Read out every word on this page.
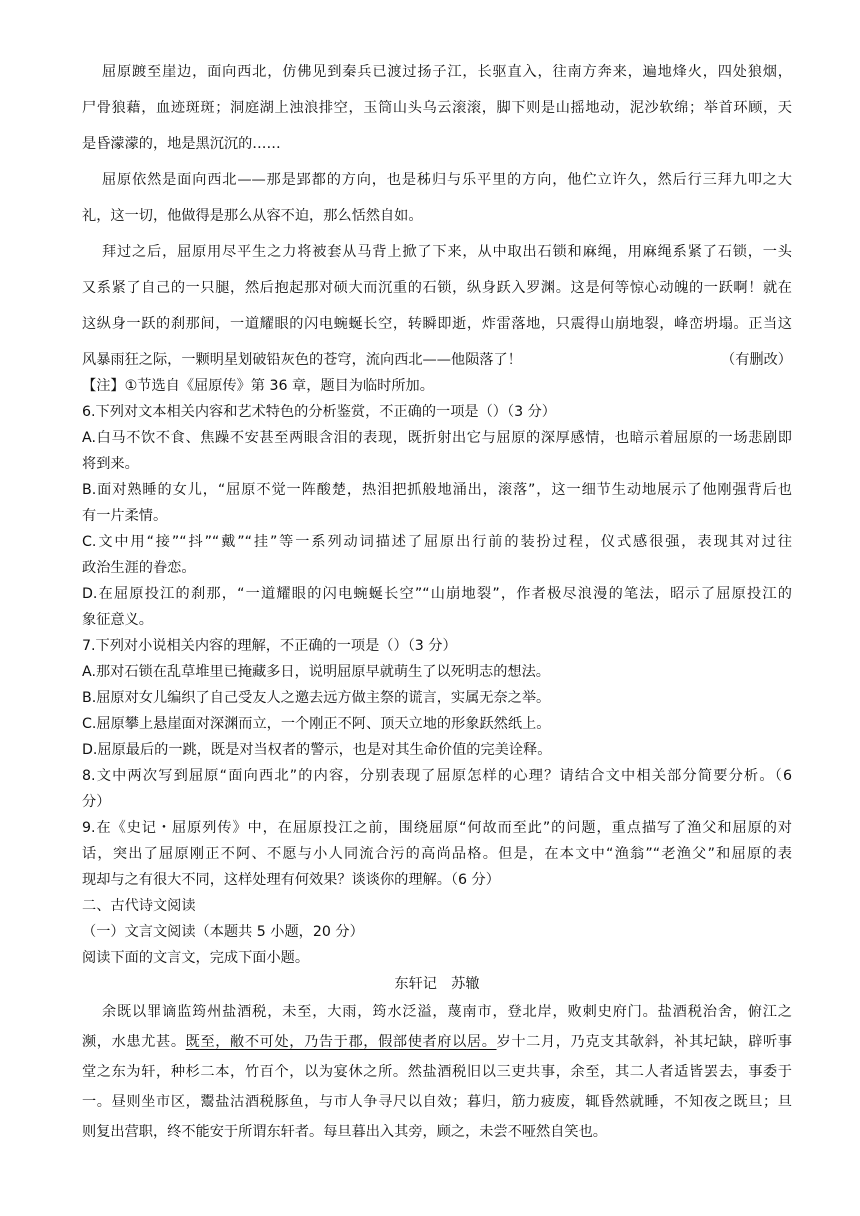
屈原踱至崖边，面向西北，仿佛见到秦兵已渡过扬子江，长驱直入，往南方奔来，遍地烽火，四处狼烟，
尸骨狼藉，血迹斑斑；洞庭湖上浊浪排空，玉筒山头乌云滚滚，脚下则是山摇地动，泥沙软绵；举首环顾，天
是昏濛濛的，地是黑沉沉的……
屈原依然是面向西北——那是郢都的方向，也是秭归与乐平里的方向，他伫立许久，然后行三拜九叩之大
礼，这一切，他做得是那么从容不迫，那么恬然自如。
拜过之后，屈原用尽平生之力将被套从马背上掀了下来，从中取出石锁和麻绳，用麻绳系紧了石锁，一头
又系紧了自己的一只腿，然后抱起那对硕大而沉重的石锁，纵身跃入罗渊。这是何等惊心动魄的一跃啊！就在
这纵身一跃的刹那间，一道耀眼的闪电蜿蜒长空，转瞬即逝，炸雷落地，只震得山崩地裂，峰峦坍塌。正当这
风暴雨狂之际，一颗明星划破铅灰色的苍穹，流向西北——他陨落了！	（有删改）
【注】①节选自《屈原传》第 36 章，题目为临时所加。
6.下列对文本相关内容和艺术特色的分析鉴赏，不正确的一项是（）（3 分）
A.白马不饮不食、焦躁不安甚至两眼含泪的表现，既折射出它与屈原的深厚感情，也暗示着屈原的一场悲剧即
将到来。
B.面对熟睡的女儿，“屈原不觉一阵酸楚，热泪把抓般地涌出，滚落”，这一细节生动地展示了他刚强背后也
有一片柔情。
C.文中用“接”“抖”“戴”“挂”等一系列动词描述了屈原出行前的装扮过程，仪式感很强，表现其对过往
政治生涯的眷恋。
D.在屈原投江的刹那，“一道耀眼的闪电蜿蜒长空”“山崩地裂”，作者极尽浪漫的笔法，昭示了屈原投江的
象征意义。
7.下列对小说相关内容的理解，不正确的一项是（）（3 分）
A.那对石锁在乱草堆里已掩藏多日，说明屈原早就萌生了以死明志的想法。
B.屈原对女儿编织了自己受友人之邀去远方做主祭的谎言，实属无奈之举。
C.屈原攀上悬崖面对深渊而立，一个刚正不阿、顶天立地的形象跃然纸上。
D.屈原最后的一跳，既是对当权者的警示，也是对其生命价值的完美诠释。
8.文中两次写到屈原“面向西北”的内容，分别表现了屈原怎样的心理？请结合文中相关部分简要分析。（6
分）
9.在《史记・屈原列传》中，在屈原投江之前，围绕屈原“何故而至此”的问题，重点描写了渔父和屈原的对
话，突出了屈原刚正不阿、不愿与小人同流合污的高尚品格。但是，在本文中“渔翁”“老渔父”和屈原的表
现却与之有很大不同，这样处理有何效果？谈谈你的理解。（6 分）
二、古代诗文阅读
（一）文言文阅读（本题共 5 小题，20 分）
阅读下面的文言文，完成下面小题。
东轩记　苏辙
余既以罪谪监筠州盐酒税，未至，大雨，筠水泛溢，蔑南市，登北岸，败刺史府门。盐酒税治舍，俯江之
濒，水患尤甚。既至，敝不可处，乃告于郡，假部使者府以居。岁十二月，乃克支其欹斜，补其圮缺，辟听事
堂之东为轩，种杉二本，竹百个，以为宴休之所。然盐酒税旧以三吏共事，余至，其二人者适皆罢去，事委于
一。昼则坐市区，鬻盐沽酒税豚鱼，与市人争寻尺以自效；暮归，筋力疲废，辄昏然就睡，不知夜之既旦；旦
则复出营职，终不能安于所谓东轩者。每旦暮出入其旁，顾之，未尝不哑然自笑也。
